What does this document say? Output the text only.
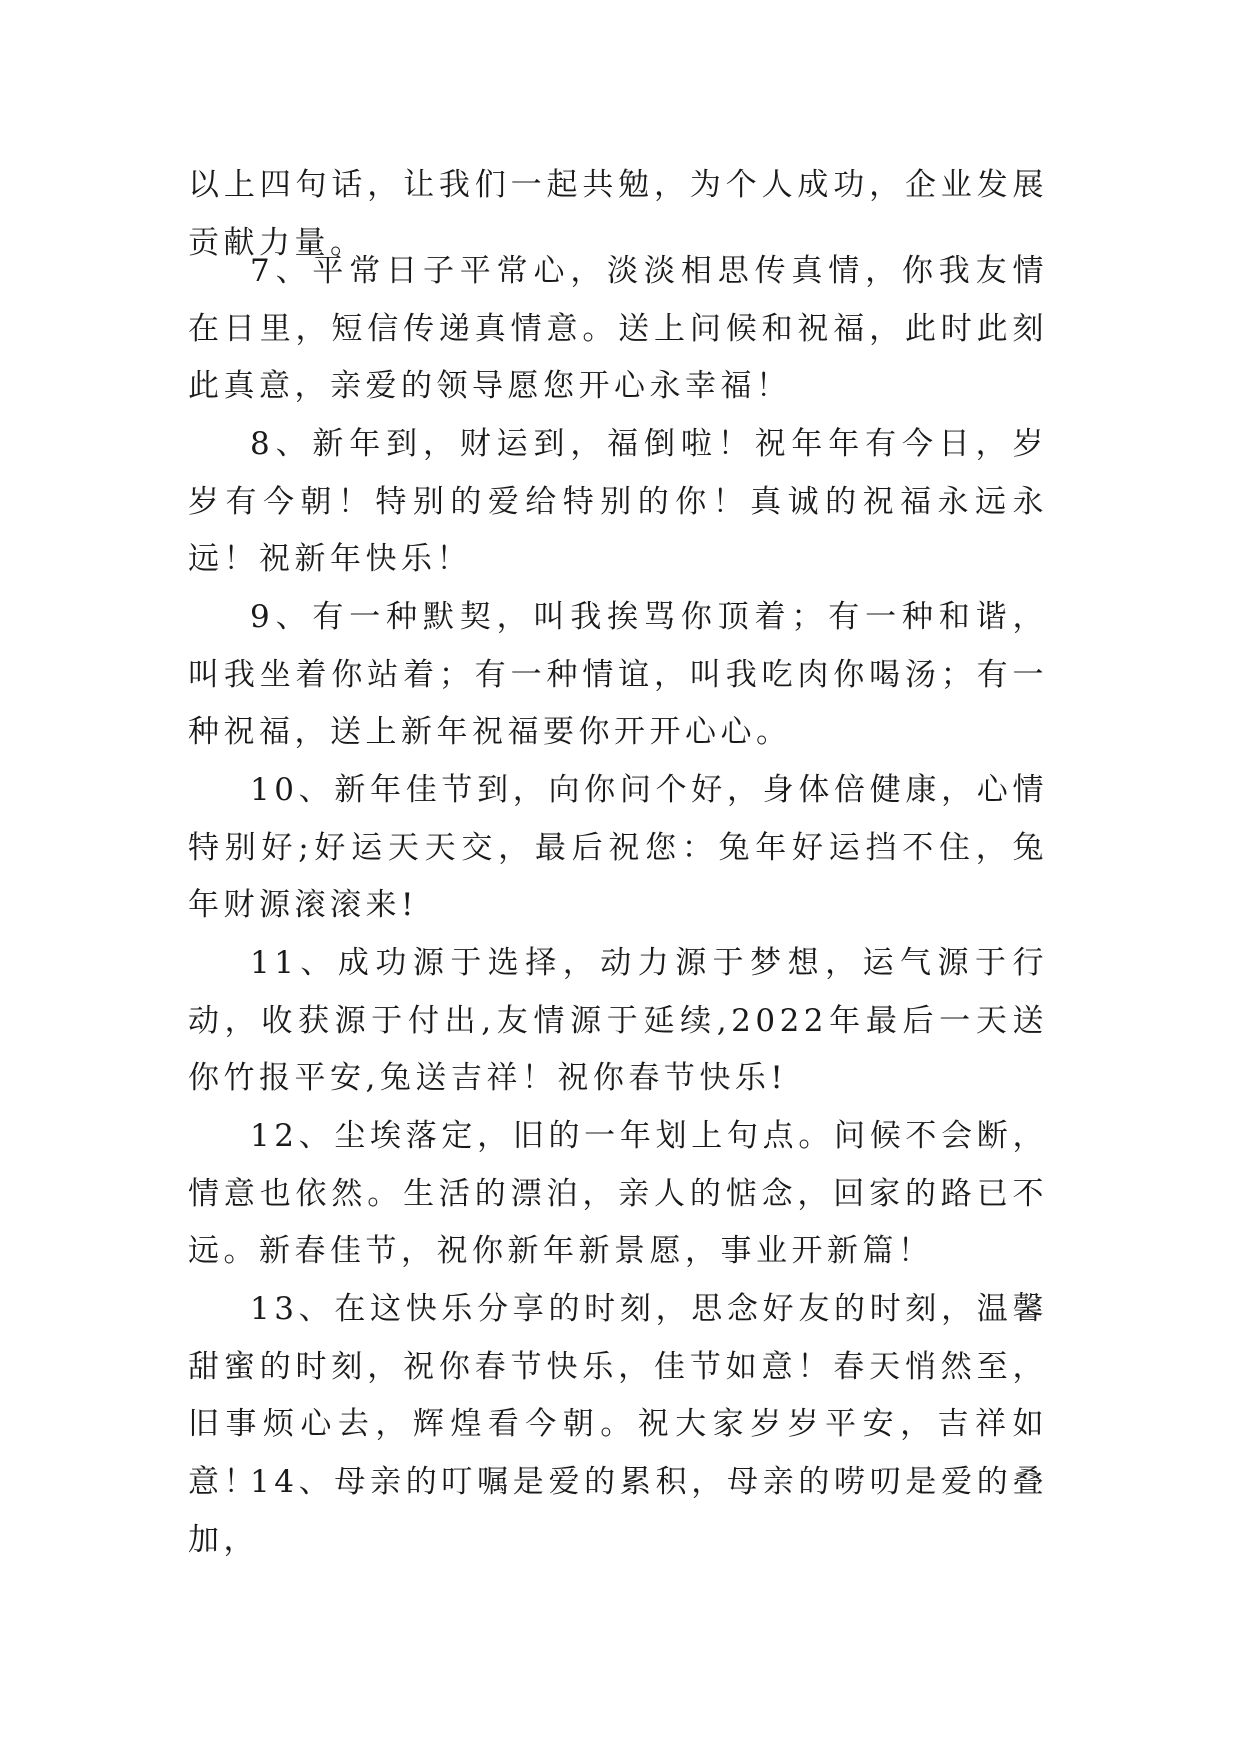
以上四句话，让我们一起共勉，为个人成功，企业发展贡献力量。

7、平常日子平常心，淡淡相思传真情，你我友情在日里，短信传递真情意。送上问候和祝福，此时此刻此真意，亲爱的领导愿您开心永幸福！

8、新年到，财运到，福倒啦！祝年年有今日，岁岁有今朝！特别的爱给特别的你！真诚的祝福永远永远！祝新年快乐！

9、有一种默契，叫我挨骂你顶着；有一种和谐，叫我坐着你站着；有一种情谊，叫我吃肉你喝汤；有一种祝福，送上新年祝福要你开开心心。

10、新年佳节到，向你问个好，身体倍健康，心情特别好;好运天天交，最后祝您：兔年好运挡不住，兔年财源滚滚来!

11、成功源于选择，动力源于梦想，运气源于行动，收获源于付出,友情源于延续,2022年最后一天送你竹报平安,兔送吉祥！祝你春节快乐!

12、尘埃落定，旧的一年划上句点。问候不会断，情意也依然。生活的漂泊，亲人的惦念，回家的路已不远。新春佳节，祝你新年新景愿，事业开新篇！

13、在这快乐分享的时刻，思念好友的时刻，温馨甜蜜的时刻，祝你春节快乐，佳节如意！春天悄然至，旧事烦心去，辉煌看今朝。祝大家岁岁平安，吉祥如意！

14、母亲的叮嘱是爱的累积，母亲的唠叨是爱的叠加，
